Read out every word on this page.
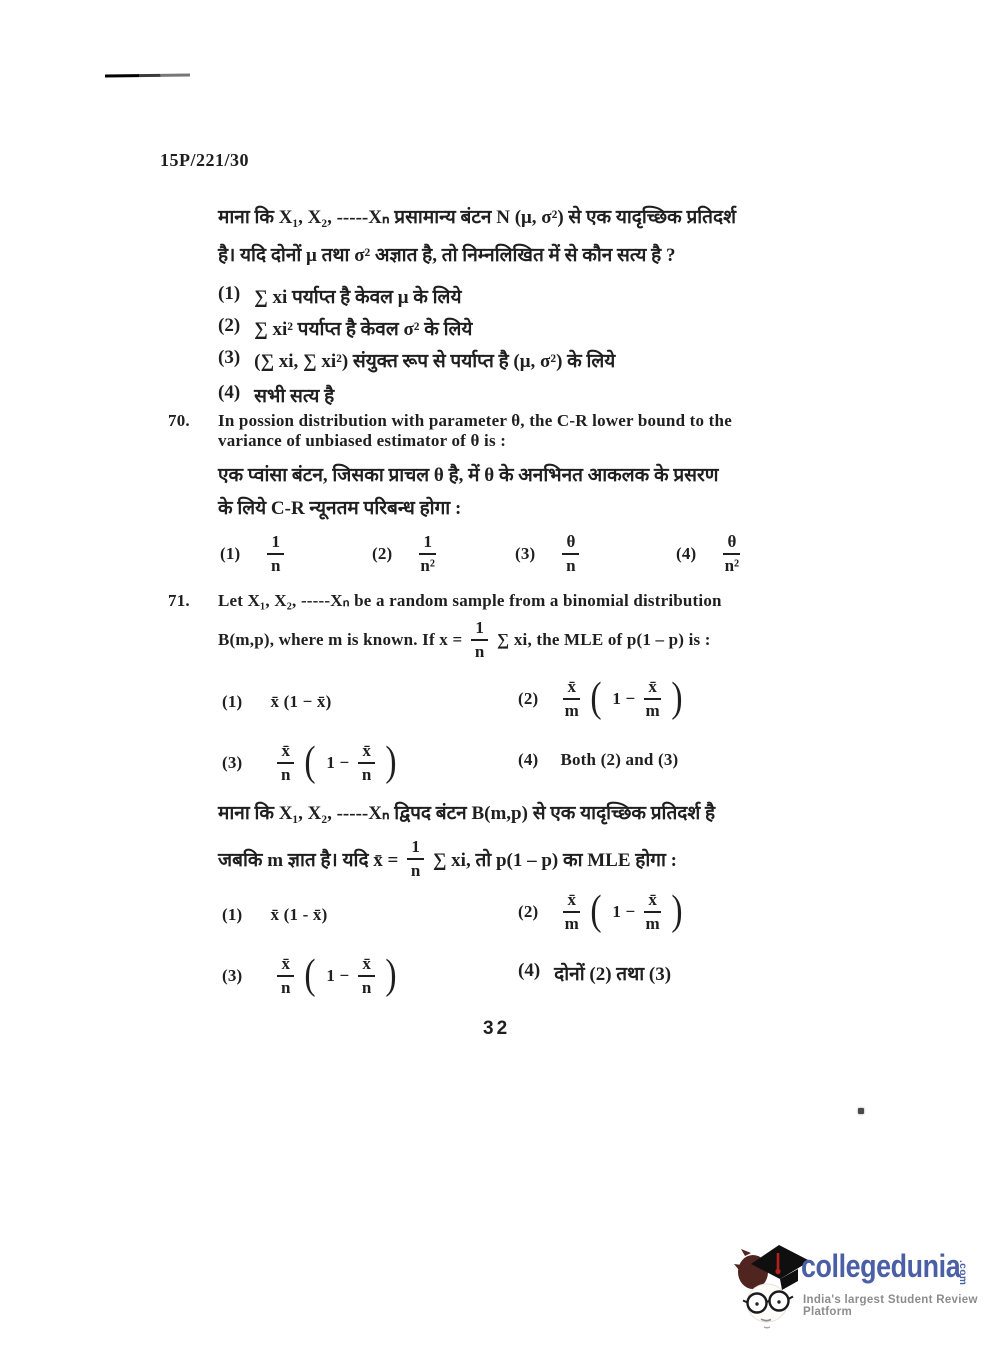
15P/221/30
माना कि X₁, X₂, -----Xₙ प्रसामान्य बंटन N (μ, σ²) से एक यादृच्छिक प्रतिदर्श
है। यदि दोनों μ तथा σ² अज्ञात है, तो निम्नलिखित में से कौन सत्य है ?
(1) ∑ xi पर्याप्त है केवल μ के लिये
(2) ∑ xi² पर्याप्त है केवल σ² के लिये
(3) (∑ xi, ∑ xi²) संयुक्त रूप से पर्याप्त है (μ, σ²) के लिये
(4) सभी सत्य है
70. In possion distribution with parameter θ, the C-R lower bound to the
variance of unbiased estimator of θ is :
एक प्वांसा बंटन, जिसका प्राचल θ है, में θ के अनभिनत आकलक के प्रसरण
के लिये C-R न्यूनतम परिबन्ध होगा :
$(1) \frac{1}{n}$	$(2) \frac{1}{\text{n²}}$	$(3) \frac{\theta}{n}$	$(4) \frac{\theta}{\text{n²}}$
71. Let X₁, X₂, -----Xₙ be a random sample from a binomial distribution
B(m,p), where m is known. If $x = \frac{1}{n}$ ∑ xi, the MLE of p(1 – p) is :
(1) x̄ (1 − x̄)	$(2) \frac{x̄}{m}$ ( $1 - \frac{x̄}{m}$ )
$(3) \frac{x̄}{n}$ ( $1 - \frac{x̄}{n}$ )	(4) Both (2) and (3)
माना कि X₁, X₂, -----Xₙ द्विपद बंटन B(m,p) से एक यादृच्छिक प्रतिदर्श है
जबकि m ज्ञात है। यदि x̄ = $\frac{1}{n}$ ∑ xi, तो p(1 – p) का MLE होगा :
(1) x̄ (1 - x̄)	$(2) \frac{x̄}{m}$ ( $1 - \frac{x̄}{m}$ )
$(3) \frac{x̄}{n}$ ( $1 - \frac{x̄}{n}$ )	(4) दोनों (2) तथा (3)
32
collegedunia
.com
India's largest Student Review Platform
